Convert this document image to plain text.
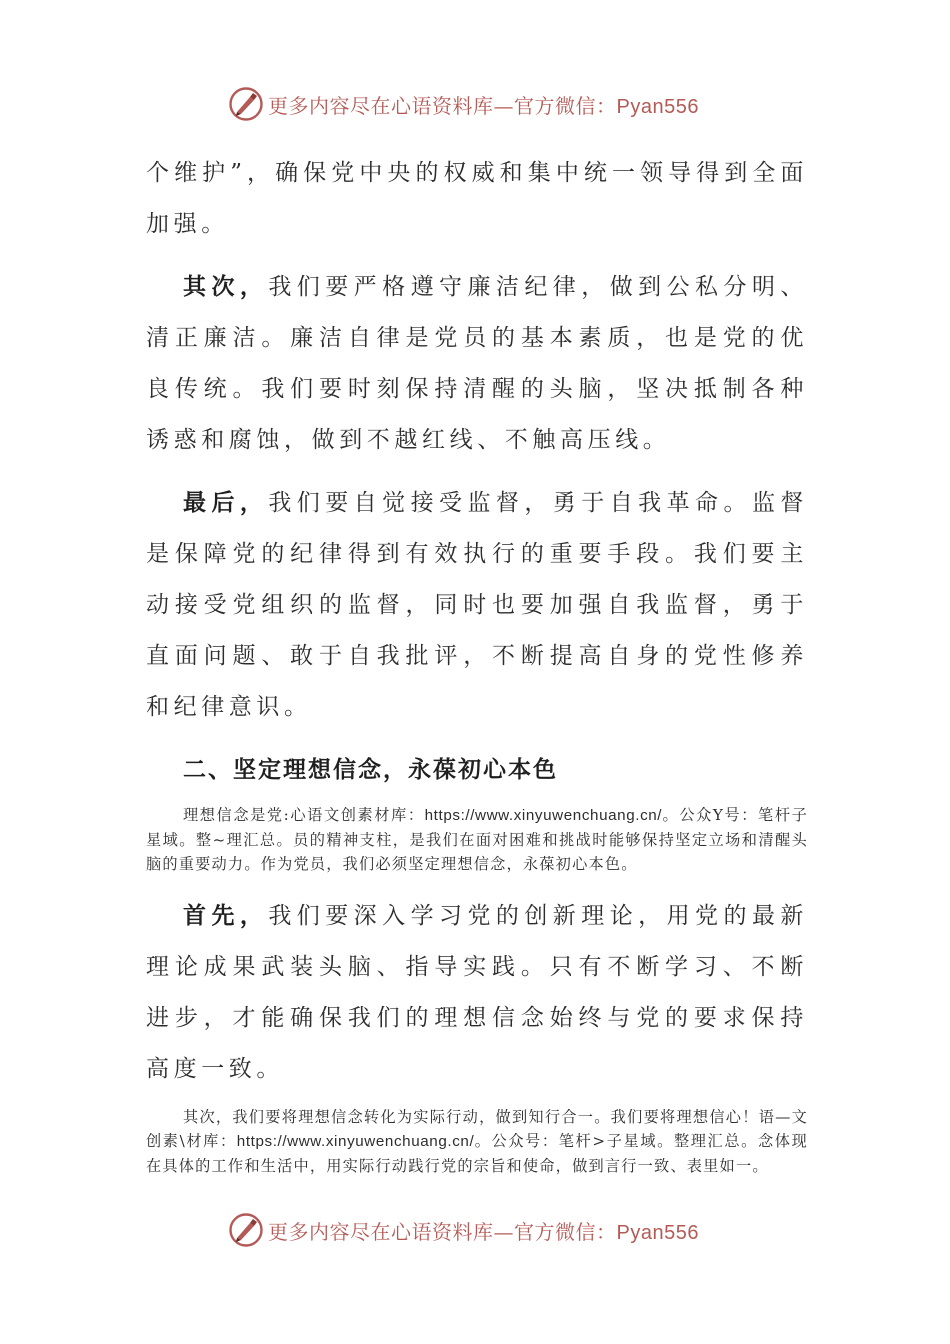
更多内容尽在心语资料库—官方微信：Pyan556

个维护”，确保党中央的权威和集中统一领导得到全面加强。

其次，我们要严格遵守廉洁纪律，做到公私分明、清正廉洁。廉洁自律是党员的基本素质，也是党的优良传统。我们要时刻保持清醒的头脑，坚决抵制各种诱惑和腐蚀，做到不越红线、不触高压线。

最后，我们要自觉接受监督，勇于自我革命。监督是保障党的纪律得到有效执行的重要手段。我们要主动接受党组织的监督，同时也要加强自我监督，勇于直面问题、敢于自我批评，不断提高自身的党性修养和纪律意识。

二、坚定理想信念，永葆初心本色

理想信念是党:心语文创素材库：https://www.xinyuwenchuang.cn/。公众Y号：笔杆子星域。整~理汇总。员的精神支柱，是我们在面对困难和挑战时能够保持坚定立场和清醒头脑的重要动力。作为党员，我们必须坚定理想信念，永葆初心本色。

首先，我们要深入学习党的创新理论，用党的最新理论成果武装头脑、指导实践。只有不断学习、不断进步，才能确保我们的理想信念始终与党的要求保持高度一致。

其次，我们要将理想信念转化为实际行动，做到知行合一。我们要将理想信心！语—文创素\材库：https://www.xinyuwenchuang.cn/。公众号：笔杆>子星域。整理汇总。念体现在具体的工作和生活中，用实际行动践行党的宗旨和使命，做到言行一致、表里如一。

更多内容尽在心语资料库—官方微信：Pyan556
